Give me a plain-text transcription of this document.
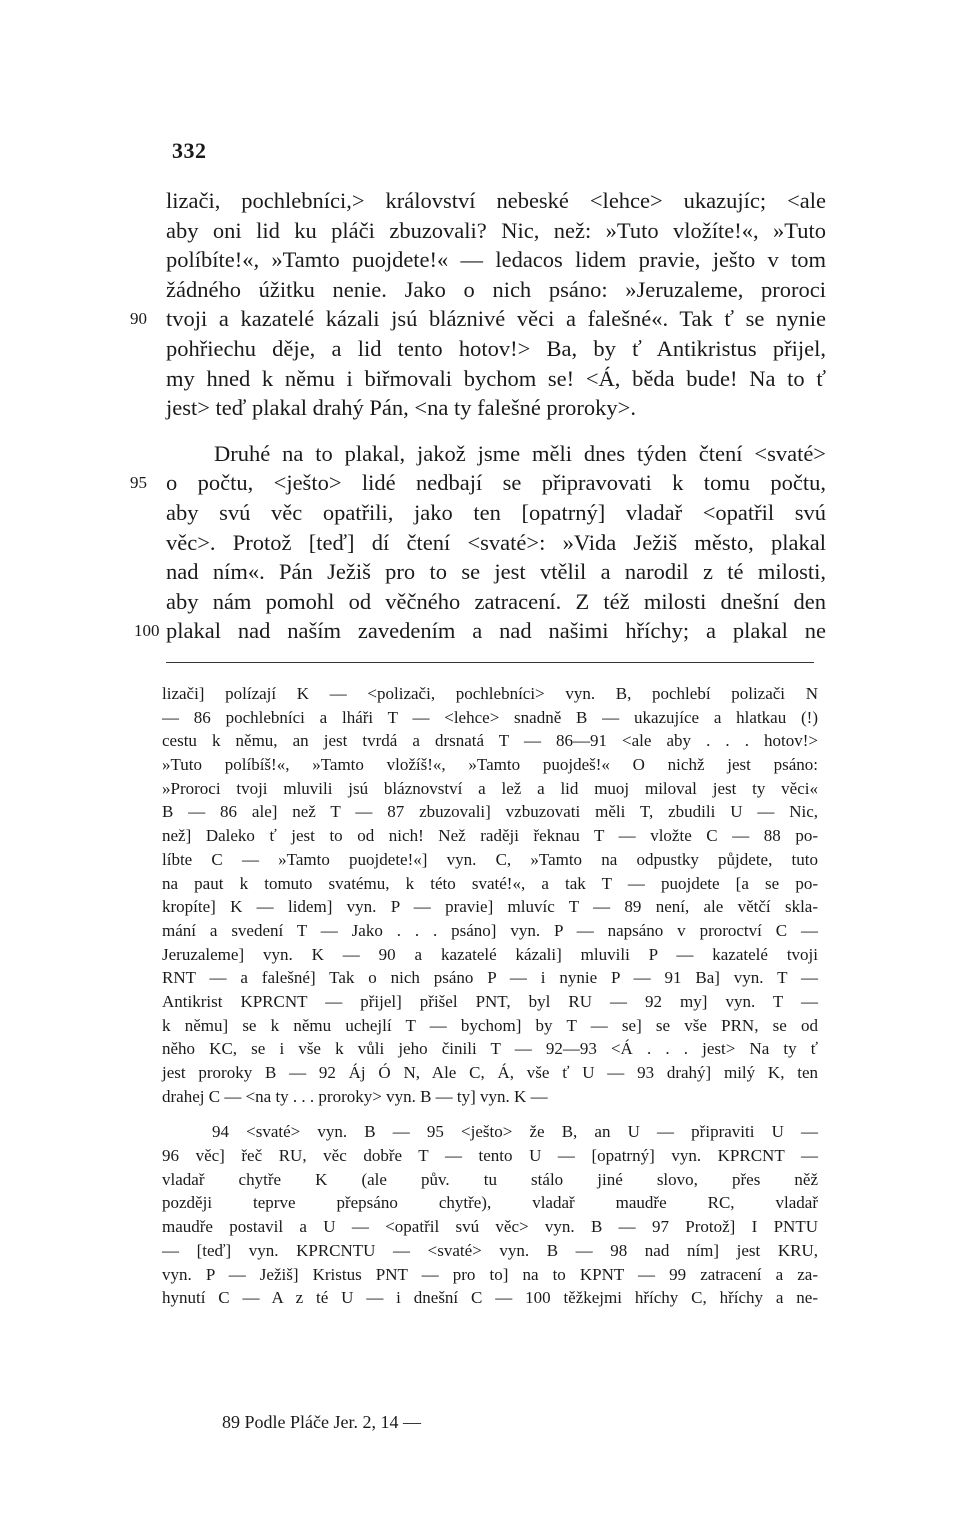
332
lizači, pochlebníci,> království nebeské <lehce> ukazujíc; <ale
aby oni lid ku pláči zbuzovali? Nic, než: »Tuto vložíte!«, »Tuto
políbíte!«, »Tamto puojdete!« — ledacos lidem pravie, ješto v tom
žádného úžitku nenie. Jako o nich psáno: »Jeruzaleme, proroci
90 tvoji a kazatelé kázali jsú bláznivé věci a falešné«. Tak ť se nynie
pohřiechu děje, a lid tento hotov!> Ba, by ť Antikristus přijel,
my hned k němu i biřmovali bychom se! <Á, běda bude! Na to ť
jest> teď plakal drahý Pán, <na ty falešné proroky>.
Druhé na to plakal, jakož jsme měli dnes týden čtení <svaté>
95 o počtu, <ješto> lidé nedbají se připravovati k tomu počtu,
aby svú věc opatřili, jako ten [opatrný] vladař <opatřil svú
věc>. Protož [teď] dí čtení <svaté>: »Vida Ježiš město, plakal
nad ním«. Pán Ježiš pro to se jest vtělil a narodil z té milosti,
aby nám pomohl od věčného zatracení. Z též milosti dnešní den
100 plakal nad naším zavedením a nad našimi hříchy; a plakal ne
lizači] polízají K — <polizači, pochlebníci> vyn. B, pochlebí polizači N
— 86 pochlebníci a lháři T — <lehce> snadně B — ukazujíce a hlatkau (!)
cestu k němu, an jest tvrdá a drsnatá T — 86—91 <ale aby . . . hotov!>
»Tuto políbíš!«, »Tamto vložíš!«, »Tamto puojdeš!« O nichž jest psáno:
»Proroci tvoji mluvili jsú bláznovství a lež a lid muoj miloval jest ty věci«
B — 86 ale] než T — 87 zbuzovali] vzbuzovati měli T, zbudili U — Nic,
než] Daleko ť jest to od nich! Než raději řeknau T — vložte C — 88 po-
líbte C — »Tamto puojdete!«] vyn. C, »Tamto na odpustky půjdete, tuto
na paut k tomuto svatému, k této svaté!«, a tak T — puojdete [a se po-
kropíte] K — lidem] vyn. P — pravie] mluvíc T — 89 není, ale větčí skla-
mání a svedení T — Jako . . . psáno] vyn. P — napsáno v proroctví C —
Jeruzaleme] vyn. K — 90 a kazatelé kázali] mluvili P — kazatelé tvoji
RNT — a falešné] Tak o nich psáno P — i nynie P — 91 Ba] vyn. T —
Antikrist KPRCNT — přijel] přišel PNT, byl RU — 92 my] vyn. T —
k němu] se k němu uchejlí T — bychom] by T — se] se vše PRN, se od
něho KC, se i vše k vůli jeho činili T — 92—93 <Á . . . jest> Na ty ť
jest proroky B — 92 Áj Ó N, Ale C, Á, vše ť U — 93 drahý] milý K, ten
drahej C — <na ty . . . proroky> vyn. B — ty] vyn. K —
94 <svaté> vyn. B — 95 <ješto> že B, an U — připraviti U —
96 věc] řeč RU, věc dobře T — tento U — [opatrný] vyn. KPRCNT —
vladař chytře K (ale pův. tu stálo jiné slovo, přes něž
později teprve přepsáno chytře), vladař maudře RC, vladař
maudře postavil a U — <opatřil svú věc> vyn. B — 97 Protož] I PNTU
— [teď] vyn. KPRCNTU — <svaté> vyn. B — 98 nad ním] jest KRU,
vyn. P — Ježiš] Kristus PNT — pro to] na to KPNT — 99 zatracení a za-
hynutí C — A z té U — i dnešní C — 100 těžkejmi hříchy C, hříchy a ne-
89 Podle Pláče Jer. 2, 14 —
